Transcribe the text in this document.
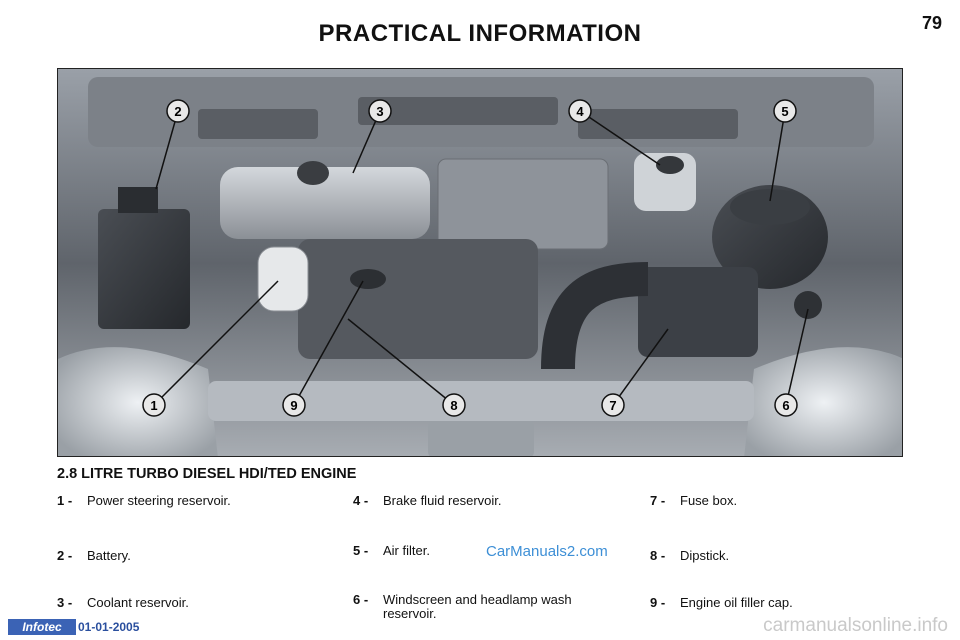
PRACTICAL INFORMATION	79
1
2	3	4	5
6
7
8
9
2.8 LITRE TURBO DIESEL HDI/TED ENGINE
1 - Power steering reservoir.
2 - Battery.
3 - Coolant reservoir.
4 - Brake fluid reservoir.
5 - Air filter.
6 - Windscreen and headlamp wash reservoir.
7 - Fuse box.
8 - Dipstick.
9 - Engine oil filler cap.
CarManuals2.com
Infotec	01-01-2005	carmanualsonline.info
